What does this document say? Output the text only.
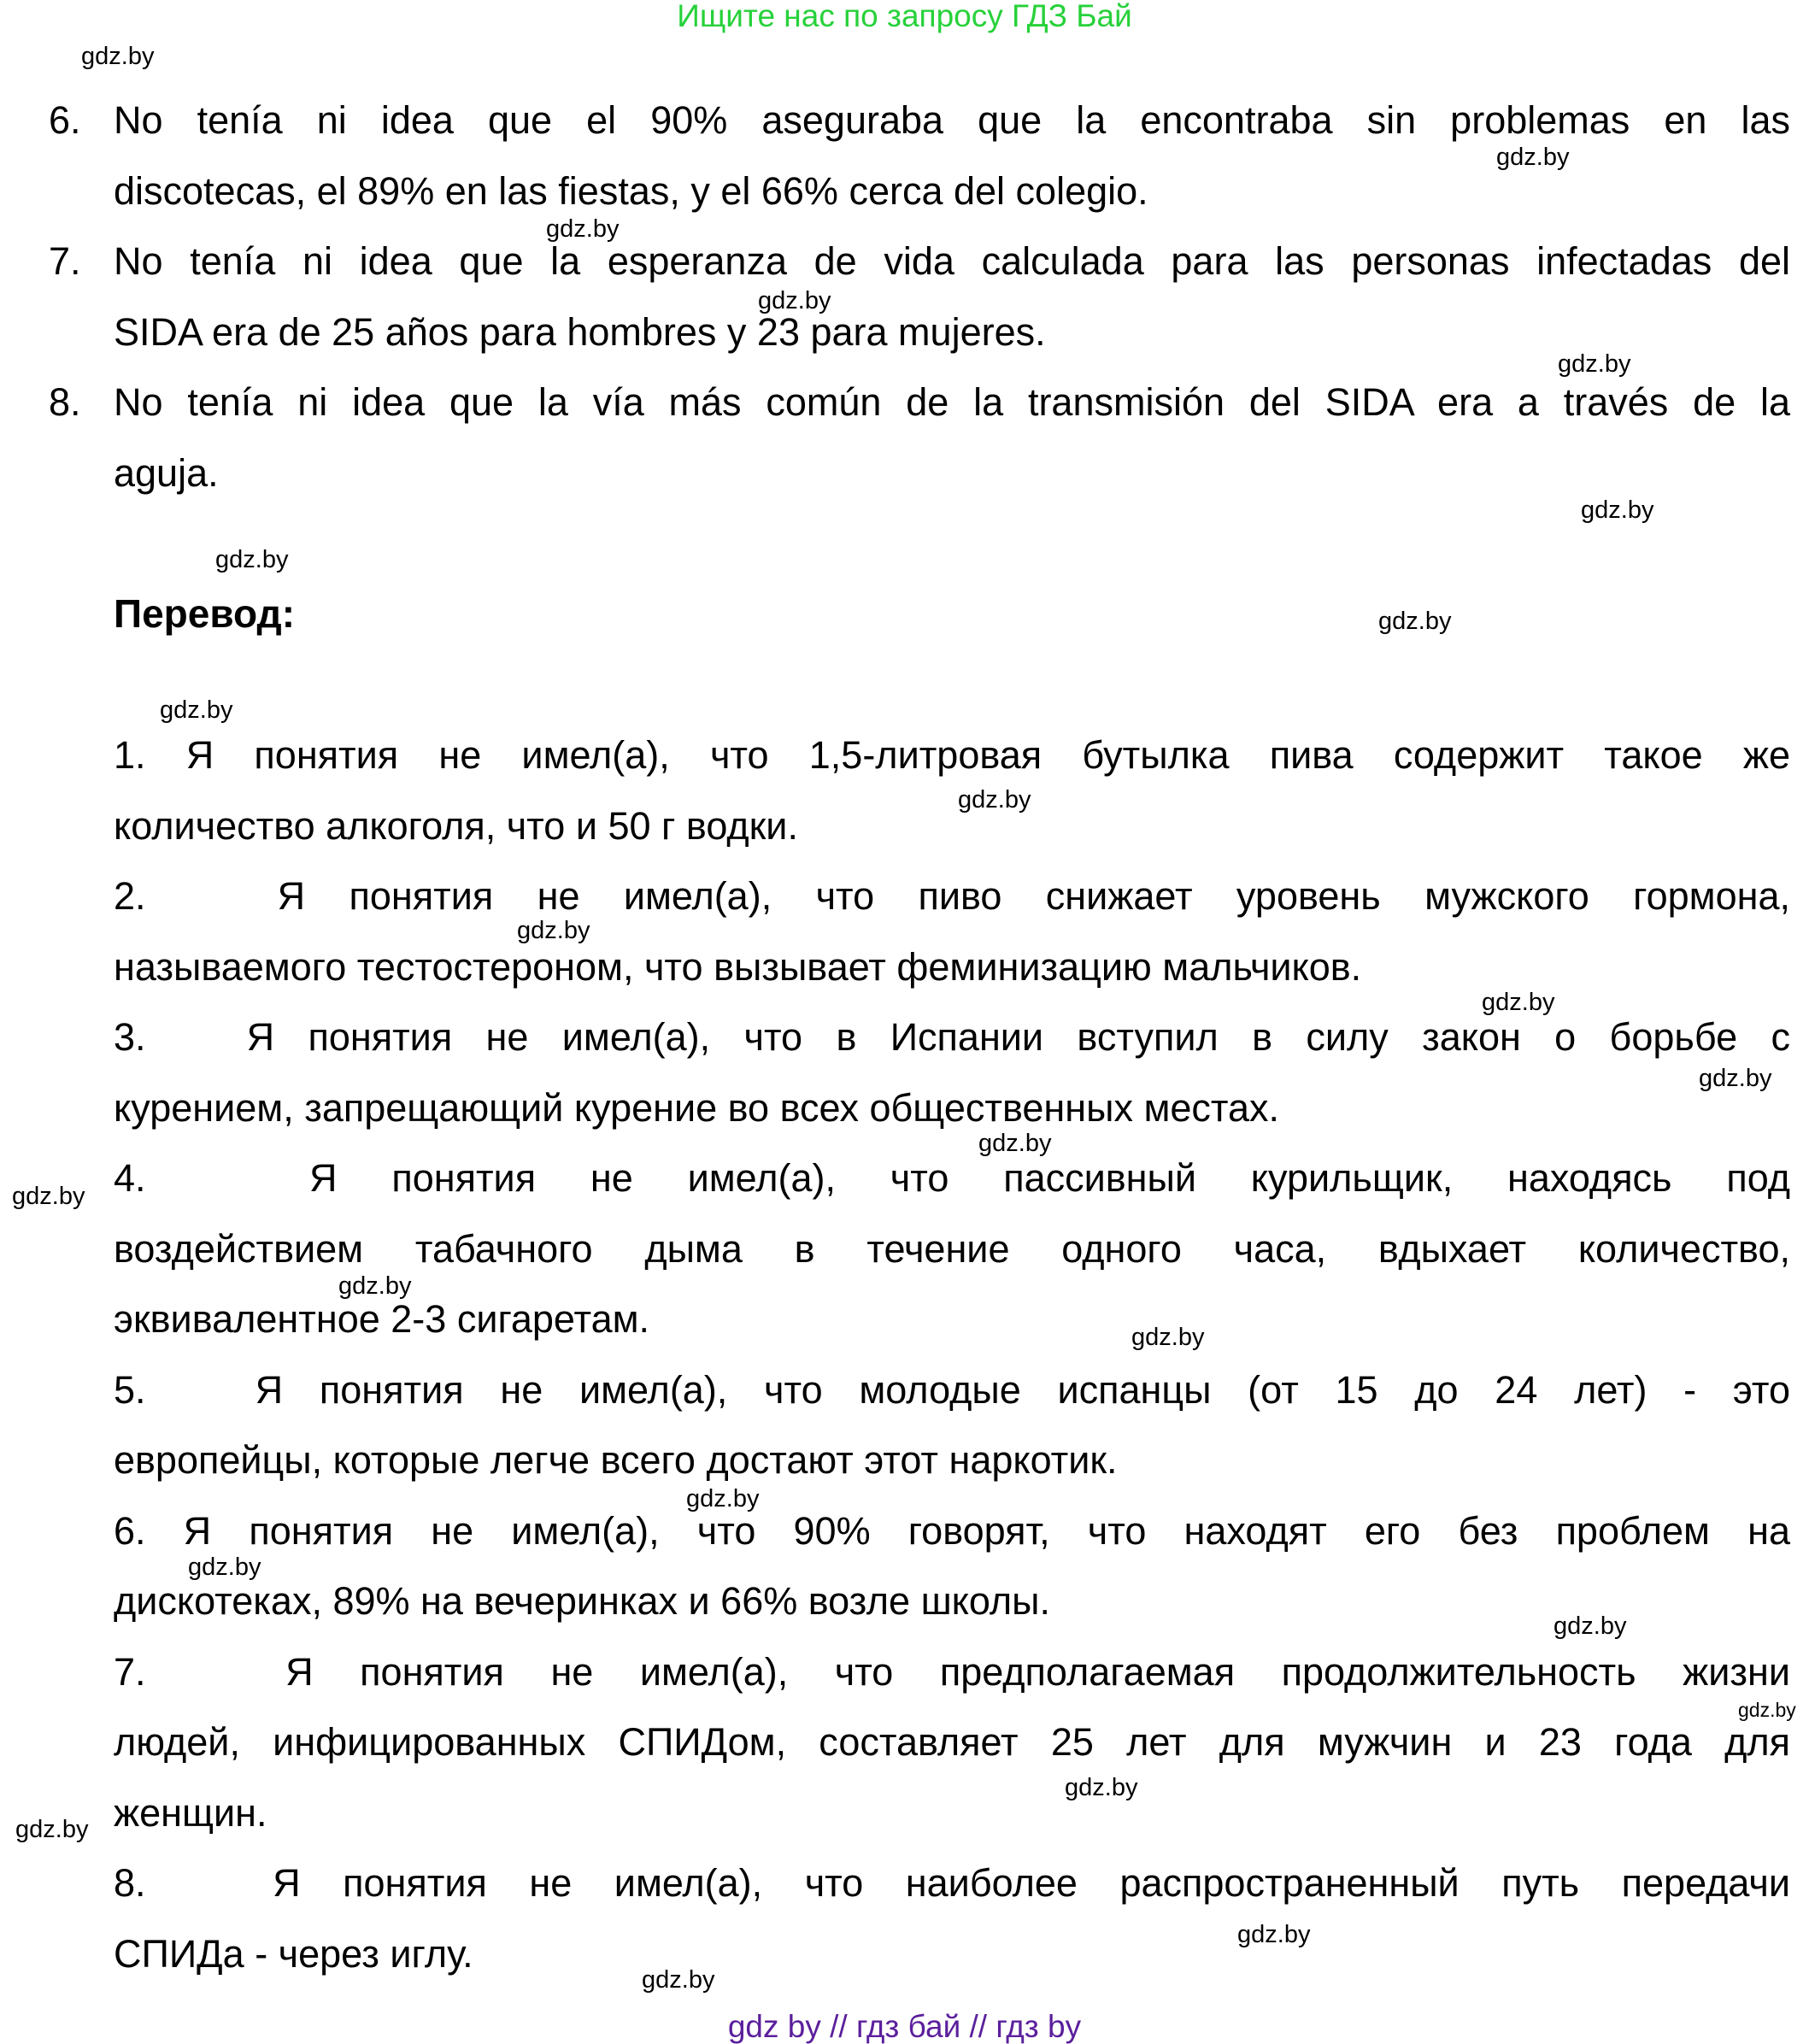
Ищите нас по запросу ГДЗ Бай
6. No tenía ni idea que el 90% aseguraba que la encontraba sin problemas en las
discotecas, el 89% en las fiestas, y el 66% cerca del colegio.
7. No tenía ni idea que la esperanza de vida calculada para las personas infectadas del
SIDA era de 25 años para hombres y 23 para mujeres.
8. No tenía ni idea que la vía más común de la transmisión del SIDA era a través de la
aguja.
Перевод:
1. Я понятия не имел(а), что 1,5-литровая бутылка пива содержит такое же
количество алкоголя, что и 50 г водки.
2.   Я понятия не имел(а), что пиво снижает уровень мужского гормона,
называемого тестостероном, что вызывает феминизацию мальчиков.
3.   Я понятия не имел(а), что в Испании вступил в силу закон о борьбе с
курением, запрещающий курение во всех общественных местах.
4.   Я понятия не имел(а), что пассивный курильщик, находясь под
воздействием табачного дыма в течение одного часа, вдыхает количество,
эквивалентное 2-3 сигаретам.
5.   Я понятия не имел(а), что молодые испанцы (от 15 до 24 лет) - это
европейцы, которые легче всего достают этот наркотик.
6. Я понятия не имел(а), что 90% говорят, что находят его без проблем на
дискотеках, 89% на вечеринках и 66% возле школы.
7.   Я понятия не имел(а), что предполагаемая продолжительность жизни
людей, инфицированных СПИДом, составляет 25 лет для мужчин и 23 года для
женщин.
8.   Я понятия не имел(а), что наиболее распространенный путь передачи
СПИДа - через иглу.
gdz.by
gdz.by
gdz.by
gdz.by
gdz.by
gdz.by
gdz.by
gdz.by
gdz.by
gdz.by
gdz.by
gdz.by
gdz.by
gdz.by
gdz.by
gdz.by
gdz.by
gdz.by
gdz.by
gdz.by
gdz.by
gdz.by
gdz.by
gdz.by
gdz.by
gdz by // гдз бай // гдз by
